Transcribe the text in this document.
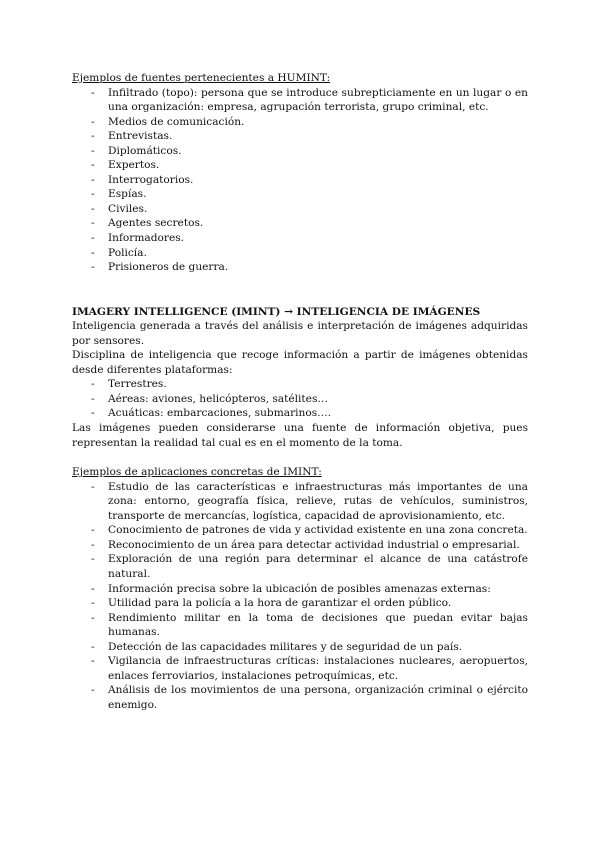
Ejemplos de fuentes pertenecientes a HUMINT:

- Infiltrado (topo): persona que se introduce subrepticiamente en un lugar o en una organización: empresa, agrupación terrorista, grupo criminal, etc.
- Medios de comunicación.
- Entrevistas.
- Diplomáticos.
- Expertos.
- Interrogatorios.
- Espías.
- Civiles.
- Agentes secretos.
- Informadores.
- Policía.
- Prisioneros de guerra.

IMAGERY INTELLIGENCE (IMINT) → INTELIGENCIA DE IMÁGENES

Inteligencia generada a través del análisis e interpretación de imágenes adquiridas por sensores.

Disciplina de inteligencia que recoge información a partir de imágenes obtenidas desde diferentes plataformas:

- Terrestres.
- Aéreas: aviones, helicópteros, satélites…
- Acuáticas: embarcaciones, submarinos….

Las imágenes pueden considerarse una fuente de información objetiva, pues representan la realidad tal cual es en el momento de la toma.

Ejemplos de aplicaciones concretas de IMINT:

- Estudio de las características e infraestructuras más importantes de una zona: entorno, geografía física, relieve, rutas de vehículos, suministros, transporte de mercancías, logística, capacidad de aprovisionamiento, etc.
- Conocimiento de patrones de vida y actividad existente en una zona concreta.
- Reconocimiento de un área para detectar actividad industrial o empresarial.
- Exploración de una región para determinar el alcance de una catástrofe natural.
- Información precisa sobre la ubicación de posibles amenazas externas:
- Utilidad para la policía a la hora de garantizar el orden público.
- Rendimiento militar en la toma de decisiones que puedan evitar bajas humanas.
- Detección de las capacidades militares y de seguridad de un país.
- Vigilancia de infraestructuras críticas: instalaciones nucleares, aeropuertos, enlaces ferroviarios, instalaciones petroquímicas, etc.
- Análisis de los movimientos de una persona, organización criminal o ejército enemigo.
